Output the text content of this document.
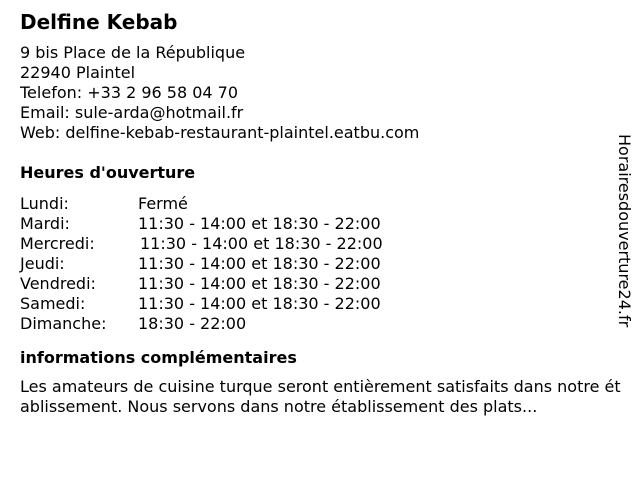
Delfine Kebab
9 bis Place de la République
22940 Plaintel
Telefon: +33 2 96 58 04 70
Email: sule-arda@hotmail.fr
Web: delfine-kebab-restaurant-plaintel.eatbu.com
Heures d'ouverture
Lundi:	Fermé
Mardi:	11:30 - 14:00 et 18:30 - 22:00
Mercredi:	11:30 - 14:00 et 18:30 - 22:00
Jeudi:	11:30 - 14:00 et 18:30 - 22:00
Vendredi:	11:30 - 14:00 et 18:30 - 22:00
Samedi:	11:30 - 14:00 et 18:30 - 22:00
Dimanche:	18:30 - 22:00
informations complémentaires
Les amateurs de cuisine turque seront entièrement satisfaits dans notre établissement. Nous servons dans notre établissement des plats...
Horairesdouverture24.fr
